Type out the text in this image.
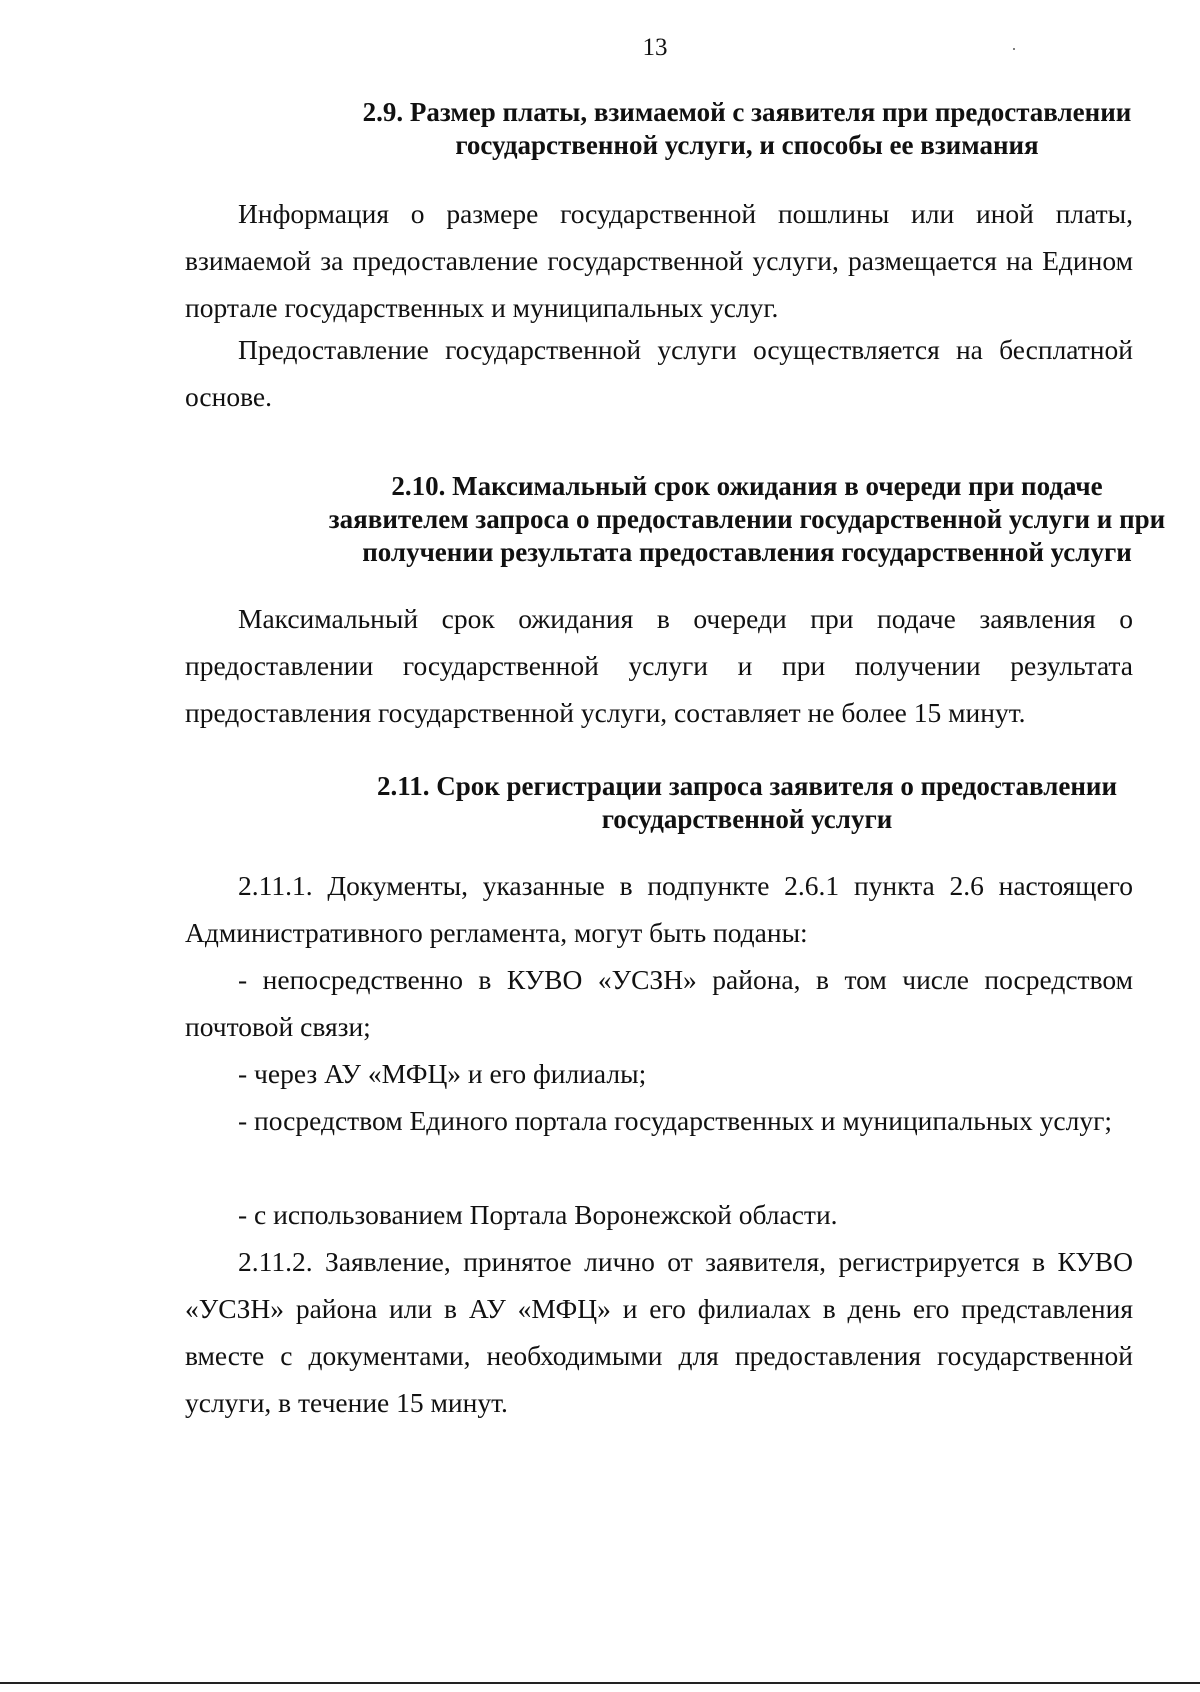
13
2.9. Размер платы, взимаемой с заявителя при предоставлении
государственной услуги, и способы ее взимания

Информация о размере государственной пошлины или иной платы, взимаемой за предоставление государственной услуги, размещается на Едином портале государственных и муниципальных услуг.

Предоставление государственной услуги осуществляется на бесплатной основе.

2.10. Максимальный срок ожидания в очереди при подаче
заявителем запроса о предоставлении государственной услуги и при
получении результата предоставления государственной услуги

Максимальный срок ожидания в очереди при подаче заявления о предоставлении государственной услуги и при получении результата предоставления государственной услуги, составляет не более 15 минут.

2.11. Срок регистрации запроса заявителя о предоставлении
государственной услуги

2.11.1. Документы, указанные в подпункте 2.6.1 пункта 2.6 настоящего Административного регламента, могут быть поданы:

- непосредственно в КУВО «УСЗН» района, в том числе посредством почтовой связи;

- через АУ «МФЦ» и его филиалы;

- посредством Единого портала государственных и муниципальных услуг;

- с использованием Портала Воронежской области.

2.11.2. Заявление, принятое лично от заявителя, регистрируется в КУВО «УСЗН» района или в АУ «МФЦ» и его филиалах в день его представления вместе с документами, необходимыми для предоставления государственной услуги, в течение 15 минут.
